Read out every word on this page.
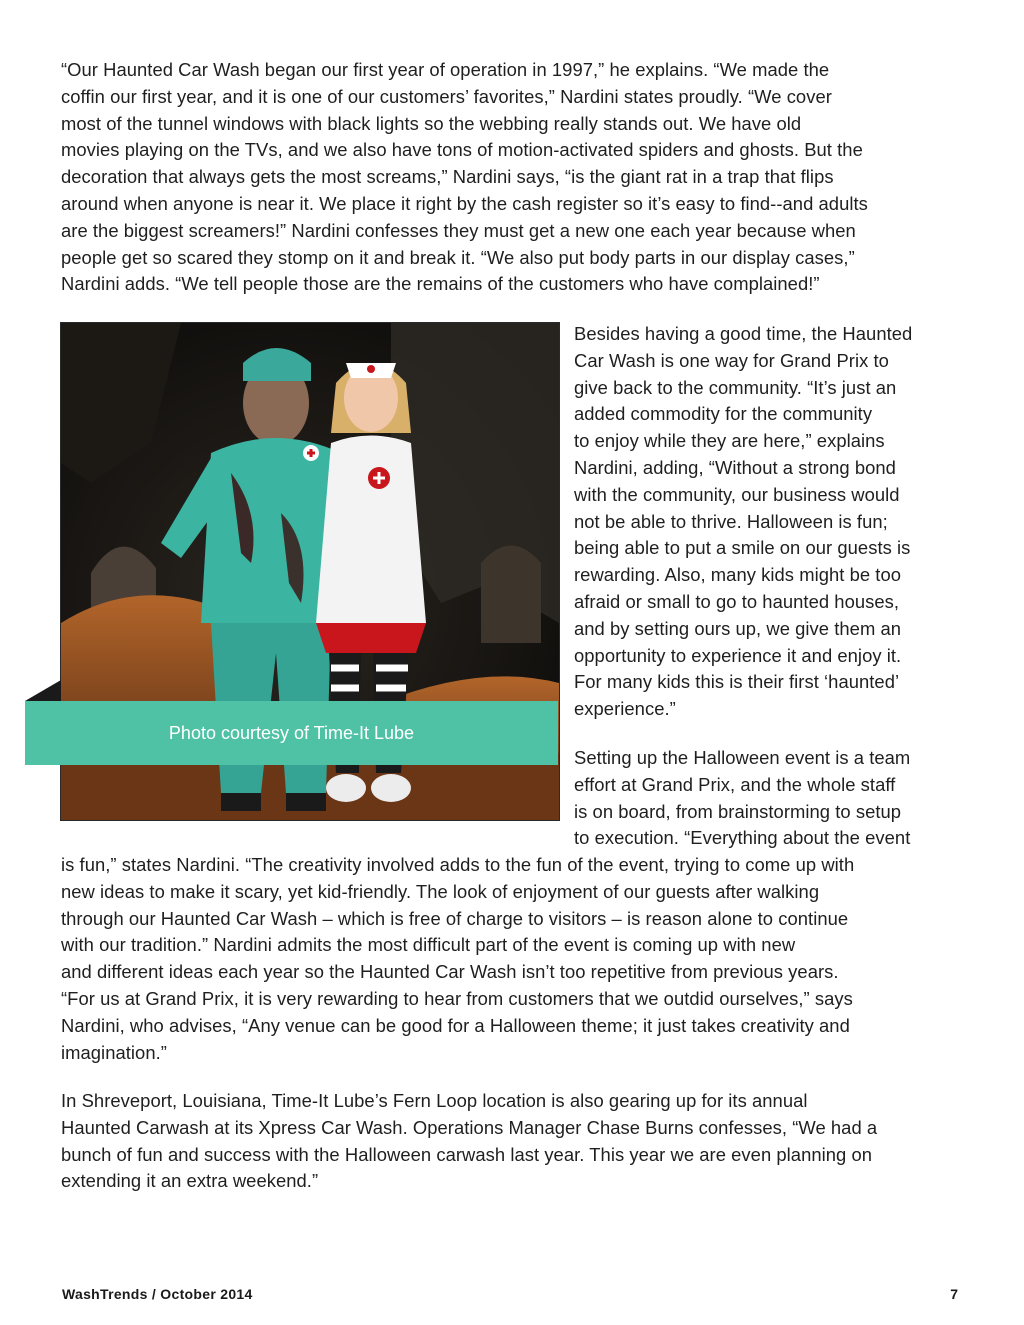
“Our Haunted Car Wash began our first year of operation in 1997,” he explains. “We made the
coffin our first year, and it is one of our customers’ favorites,” Nardini states proudly. “We cover
most of the tunnel windows with black lights so the webbing really stands out. We have old
movies playing on the TVs, and we also have tons of motion-activated spiders and ghosts. But the
decoration that always gets the most screams,” Nardini says, “is the giant rat in a trap that flips
around when anyone is near it. We place it right by the cash register so it’s easy to find--and adults
are the biggest screamers!” Nardini confesses they must get a new one each year because when
people get so scared they stomp on it and break it. “We also put body parts in our display cases,”
Nardini adds. “We tell people those are the remains of the customers who have complained!”
Photo courtesy of Time-It Lube
Besides having a good time, the Haunted
Car Wash is one way for Grand Prix to
give back to the community. “It’s just an
added commodity for the community
to enjoy while they are here,” explains
Nardini, adding, “Without a strong bond
with the community, our business would
not be able to thrive. Halloween is fun;
being able to put a smile on our guests is
rewarding. Also, many kids might be too
afraid or small to go to haunted houses,
and by setting ours up, we give them an
opportunity to experience it and enjoy it.
For many kids this is their first ‘haunted’
experience.”
Setting up the Halloween event is a team
effort at Grand Prix, and the whole staff
is on board, from brainstorming to setup
to execution. “Everything about the event
is fun,” states Nardini. “The creativity involved adds to the fun of the event, trying to come up with
new ideas to make it scary, yet kid-friendly. The look of enjoyment of our guests after walking
through our Haunted Car Wash – which is free of charge to visitors – is reason alone to continue
with our tradition.” Nardini admits the most difficult part of the event is coming up with new
and different ideas each year so the Haunted Car Wash isn’t too repetitive from previous years.
“For us at Grand Prix, it is very rewarding to hear from customers that we outdid ourselves,” says
Nardini, who advises, “Any venue can be good for a Halloween theme; it just takes creativity and
imagination.”
In Shreveport, Louisiana, Time-It Lube’s Fern Loop location is also gearing up for its annual
Haunted Carwash at its Xpress Car Wash. Operations Manager Chase Burns confesses, “We had a
bunch of fun and success with the Halloween carwash last year. This year we are even planning on
extending it an extra weekend.”
WashTrends / October 2014	7
